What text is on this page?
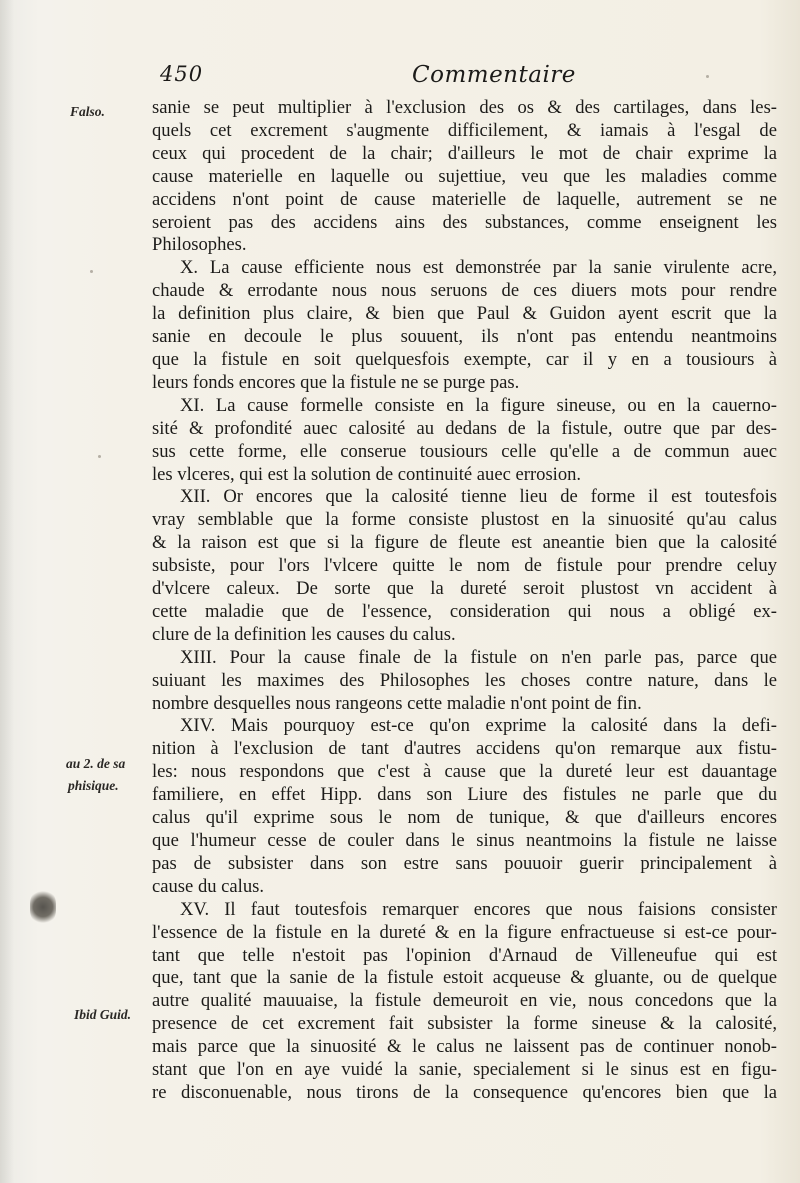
450	Commentaire
Falso.
au 2. de sa
phisique.
Ibid Guid.
sanie se peut multiplier à l'exclusion des os & des cartilages, dans les-
quels cet excrement s'augmente difficilement, & iamais à l'esgal de
ceux qui procedent de la chair; d'ailleurs le mot de chair exprime la
cause materielle en laquelle ou sujettiue, veu que les maladies comme
accidens n'ont point de cause materielle de laquelle, autrement se ne
seroient pas des accidens ains des substances, comme enseignent les
Philosophes.
X. La cause efficiente nous est demonstrée par la sanie virulente acre,
chaude & errodante nous nous seruons de ces diuers mots pour rendre
la definition plus claire, & bien que Paul & Guidon ayent escrit que la
sanie en decoule le plus souuent, ils n'ont pas entendu neantmoins
que la fistule en soit quelquesfois exempte, car il y en a tousiours à
leurs fonds encores que la fistule ne se purge pas.
XI. La cause formelle consiste en la figure sineuse, ou en la cauerno-
sité & profondité auec calosité au dedans de la fistule, outre que par des-
sus cette forme, elle conserue tousiours celle qu'elle a de commun auec
les vlceres, qui est la solution de continuité auec errosion.
XII. Or encores que la calosité tienne lieu de forme il est toutesfois
vray semblable que la forme consiste plustost en la sinuosité qu'au calus
& la raison est que si la figure de fleute est aneantie bien que la calosité
subsiste, pour l'ors l'vlcere quitte le nom de fistule pour prendre celuy
d'vlcere caleux. De sorte que la dureté seroit plustost vn accident à
cette maladie que de l'essence, consideration qui nous a obligé ex-
clure de la definition les causes du calus.
XIII. Pour la cause finale de la fistule on n'en parle pas, parce que
suiuant les maximes des Philosophes les choses contre nature, dans le
nombre desquelles nous rangeons cette maladie n'ont point de fin.
XIV. Mais pourquoy est-ce qu'on exprime la calosité dans la defi-
nition à l'exclusion de tant d'autres accidens qu'on remarque aux fistu-
les: nous respondons que c'est à cause que la dureté leur est dauantage
familiere, en effet Hipp. dans son Liure des fistules ne parle que du
calus qu'il exprime sous le nom de tunique, & que d'ailleurs encores
que l'humeur cesse de couler dans le sinus neantmoins la fistule ne laisse
pas de subsister dans son estre sans pouuoir guerir principalement à
cause du calus.
XV. Il faut toutesfois remarquer encores que nous faisions consister
l'essence de la fistule en la dureté & en la figure enfractueuse si est-ce pour-
tant que telle n'estoit pas l'opinion d'Arnaud de Villeneufue qui est
que, tant que la sanie de la fistule estoit acqueuse & gluante, ou de quelque
autre qualité mauuaise, la fistule demeuroit en vie, nous concedons que la
presence de cet excrement fait subsister la forme sineuse & la calosité,
mais parce que la sinuosité & le calus ne laissent pas de continuer nonob-
stant que l'on en aye vuidé la sanie, specialement si le sinus est en figu-
re disconuenable, nous tirons de la consequence qu'encores bien que la
